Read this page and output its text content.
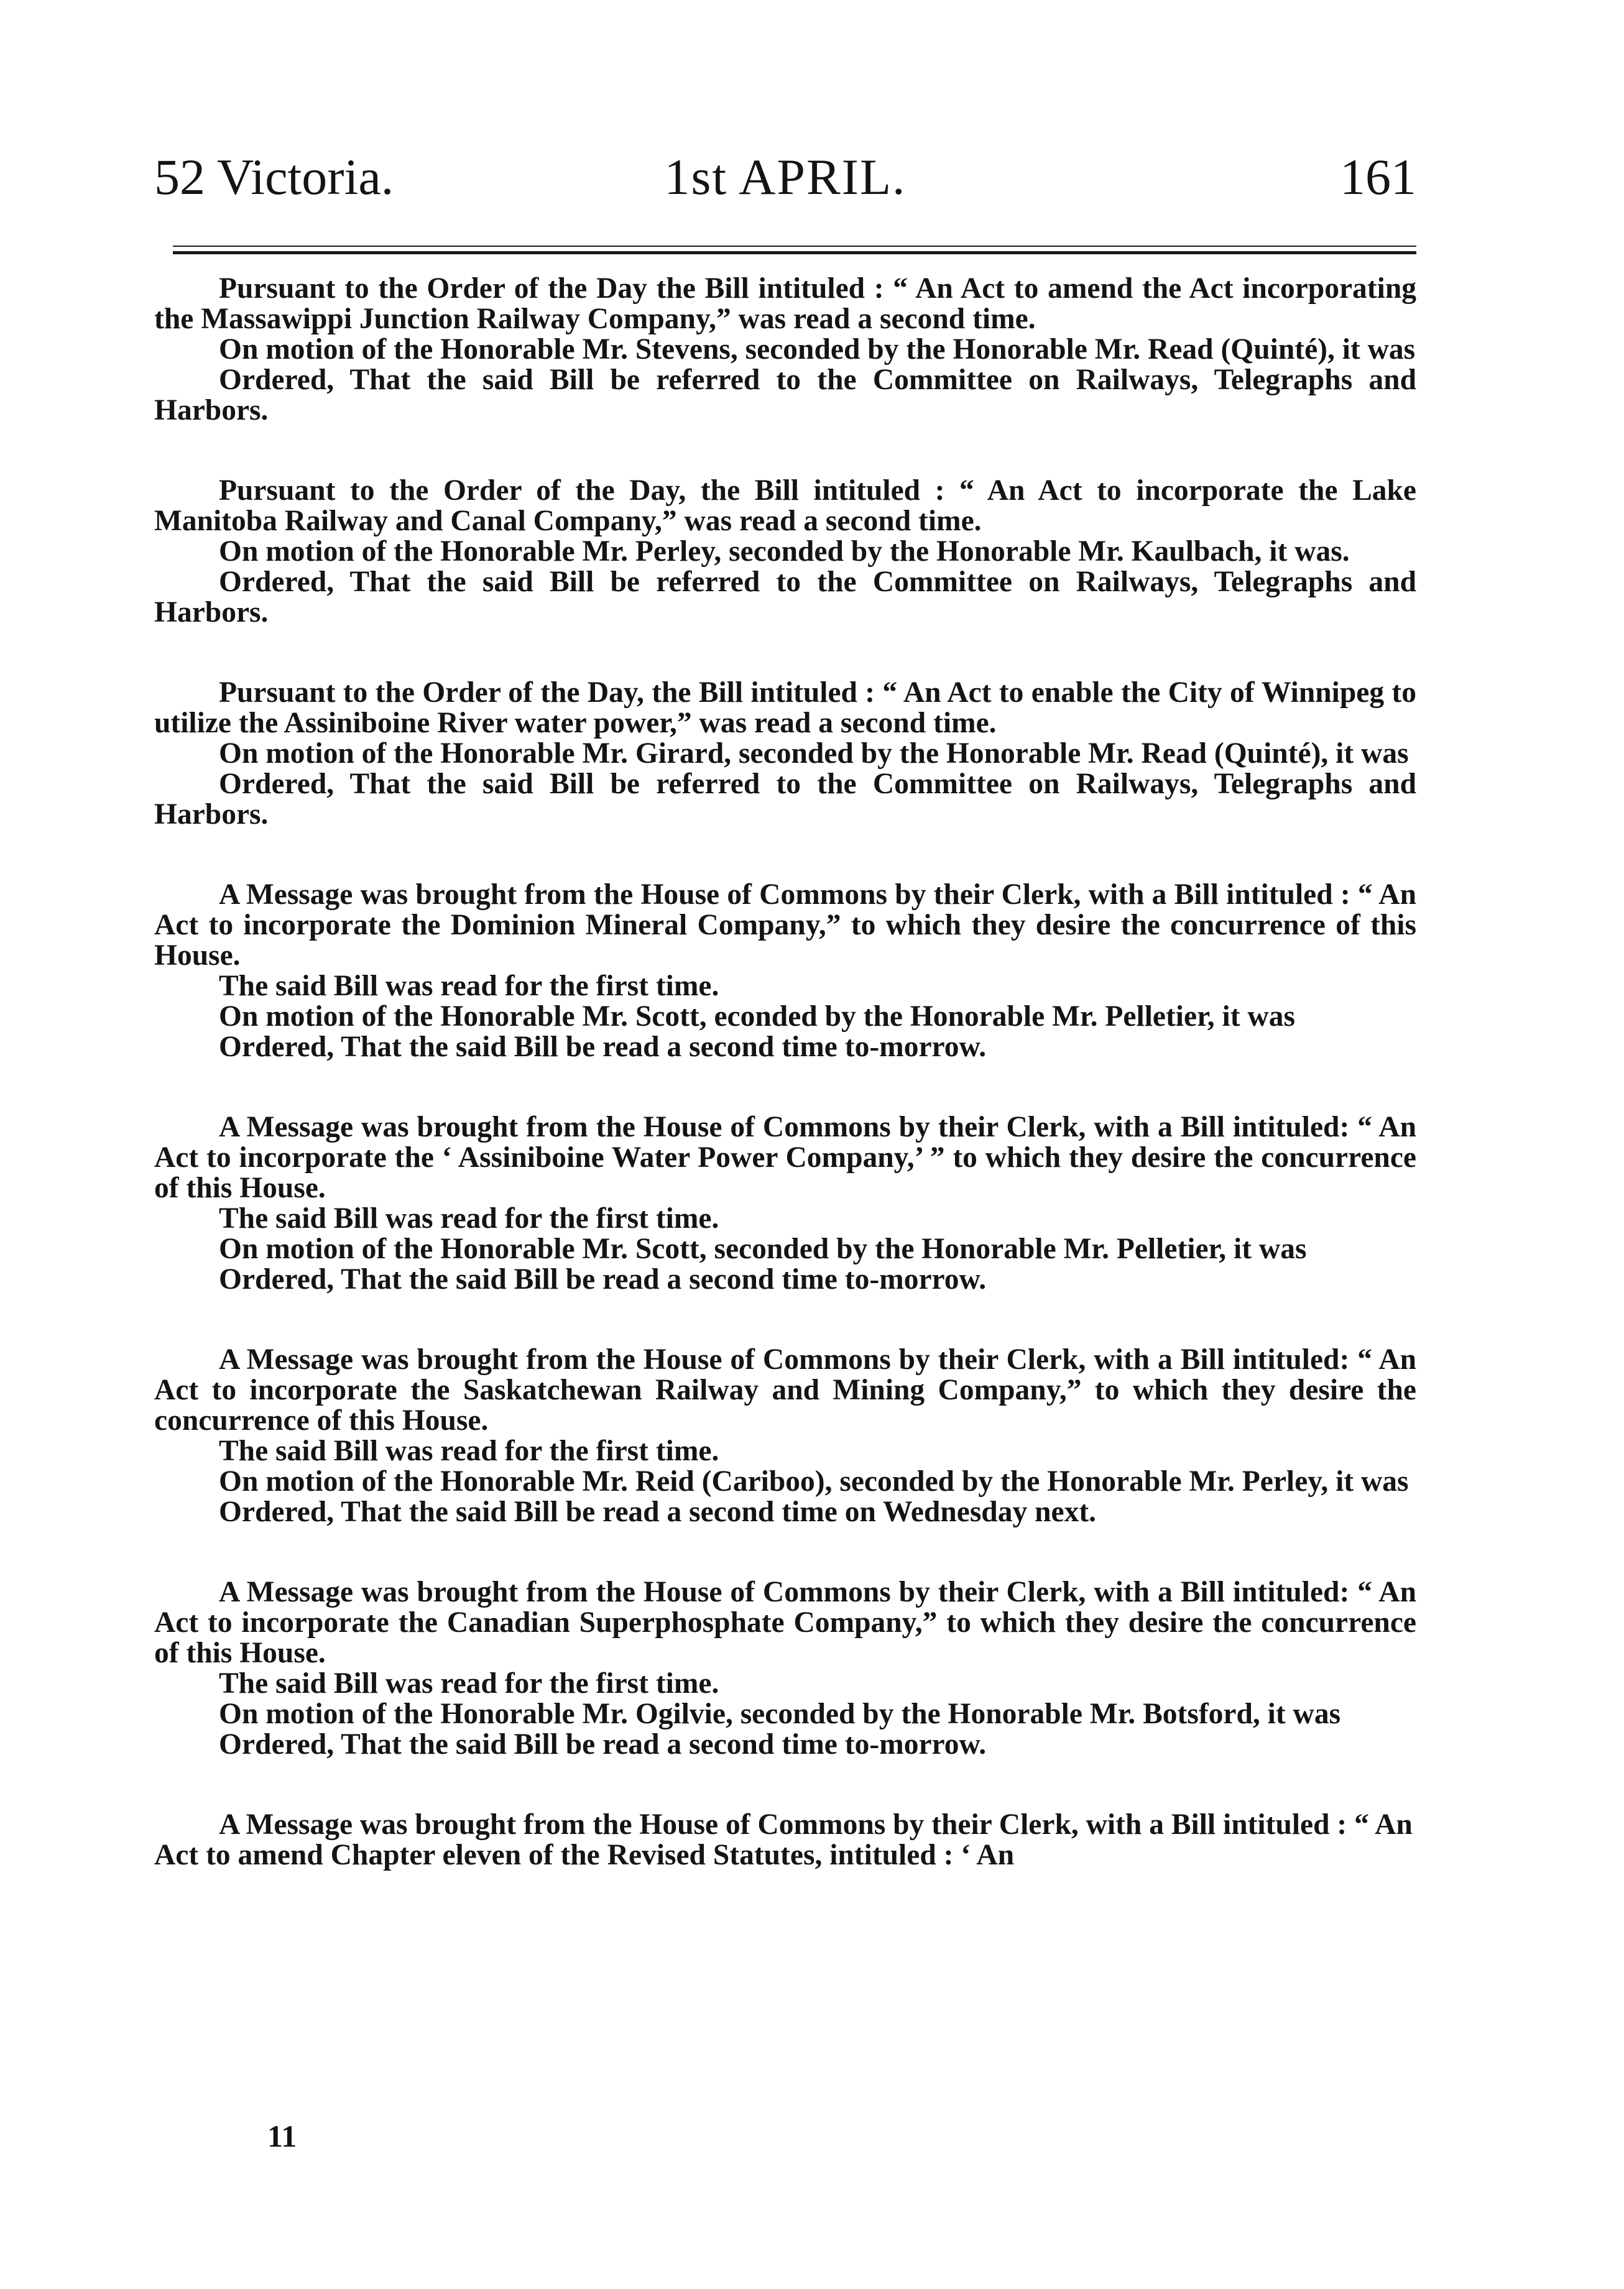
52 Victoria.	1st APRIL.	161

Pursuant to the Order of the Day the Bill intituled : “ An Act to amend the Act incorporating the Massawippi Junction Railway Company,” was read a second time.

On motion of the Honorable Mr. Stevens, seconded by the Honorable Mr. Read (Quinté), it was

Ordered, That the said Bill be referred to the Committee on Railways, Telegraphs and Harbors.

Pursuant to the Order of the Day, the Bill intituled : “ An Act to incorporate the Lake Manitoba Railway and Canal Company,” was read a second time.

On motion of the Honorable Mr. Perley, seconded by the Honorable Mr. Kaulbach, it was.

Ordered, That the said Bill be referred to the Committee on Railways, Telegraphs and Harbors.

Pursuant to the Order of the Day, the Bill intituled : “ An Act to enable the City of Winnipeg to utilize the Assiniboine River water power,” was read a second time.

On motion of the Honorable Mr. Girard, seconded by the Honorable Mr. Read (Quinté), it was

Ordered, That the said Bill be referred to the Committee on Railways, Telegraphs and Harbors.

A Message was brought from the House of Commons by their Clerk, with a Bill intituled : “ An Act to incorporate the Dominion Mineral Company,” to which they desire the concurrence of this House.

The said Bill was read for the first time.

On motion of the Honorable Mr. Scott, econded by the Honorable Mr. Pelletier, it was

Ordered, That the said Bill be read a second time to-morrow.

A Message was brought from the House of Commons by their Clerk, with a Bill intituled: “ An Act to incorporate the ‘ Assiniboine Water Power Company,’ ” to which they desire the concurrence of this House.

The said Bill was read for the first time.

On motion of the Honorable Mr. Scott, seconded by the Honorable Mr. Pelletier, it was

Ordered, That the said Bill be read a second time to-morrow.

A Message was brought from the House of Commons by their Clerk, with a Bill intituled: “ An Act to incorporate the Saskatchewan Railway and Mining Company,” to which they desire the concurrence of this House.

The said Bill was read for the first time.

On motion of the Honorable Mr. Reid (Cariboo), seconded by the Honorable Mr. Perley, it was

Ordered, That the said Bill be read a second time on Wednesday next.

A Message was brought from the House of Commons by their Clerk, with a Bill intituled: “ An Act to incorporate the Canadian Superphosphate Company,” to which they desire the concurrence of this House.

The said Bill was read for the first time.

On motion of the Honorable Mr. Ogilvie, seconded by the Honorable Mr. Botsford, it was

Ordered, That the said Bill be read a second time to-morrow.

A Message was brought from the House of Commons by their Clerk, with a Bill intituled : “ An Act to amend Chapter eleven of the Revised Statutes, intituled : ‘ An

11
